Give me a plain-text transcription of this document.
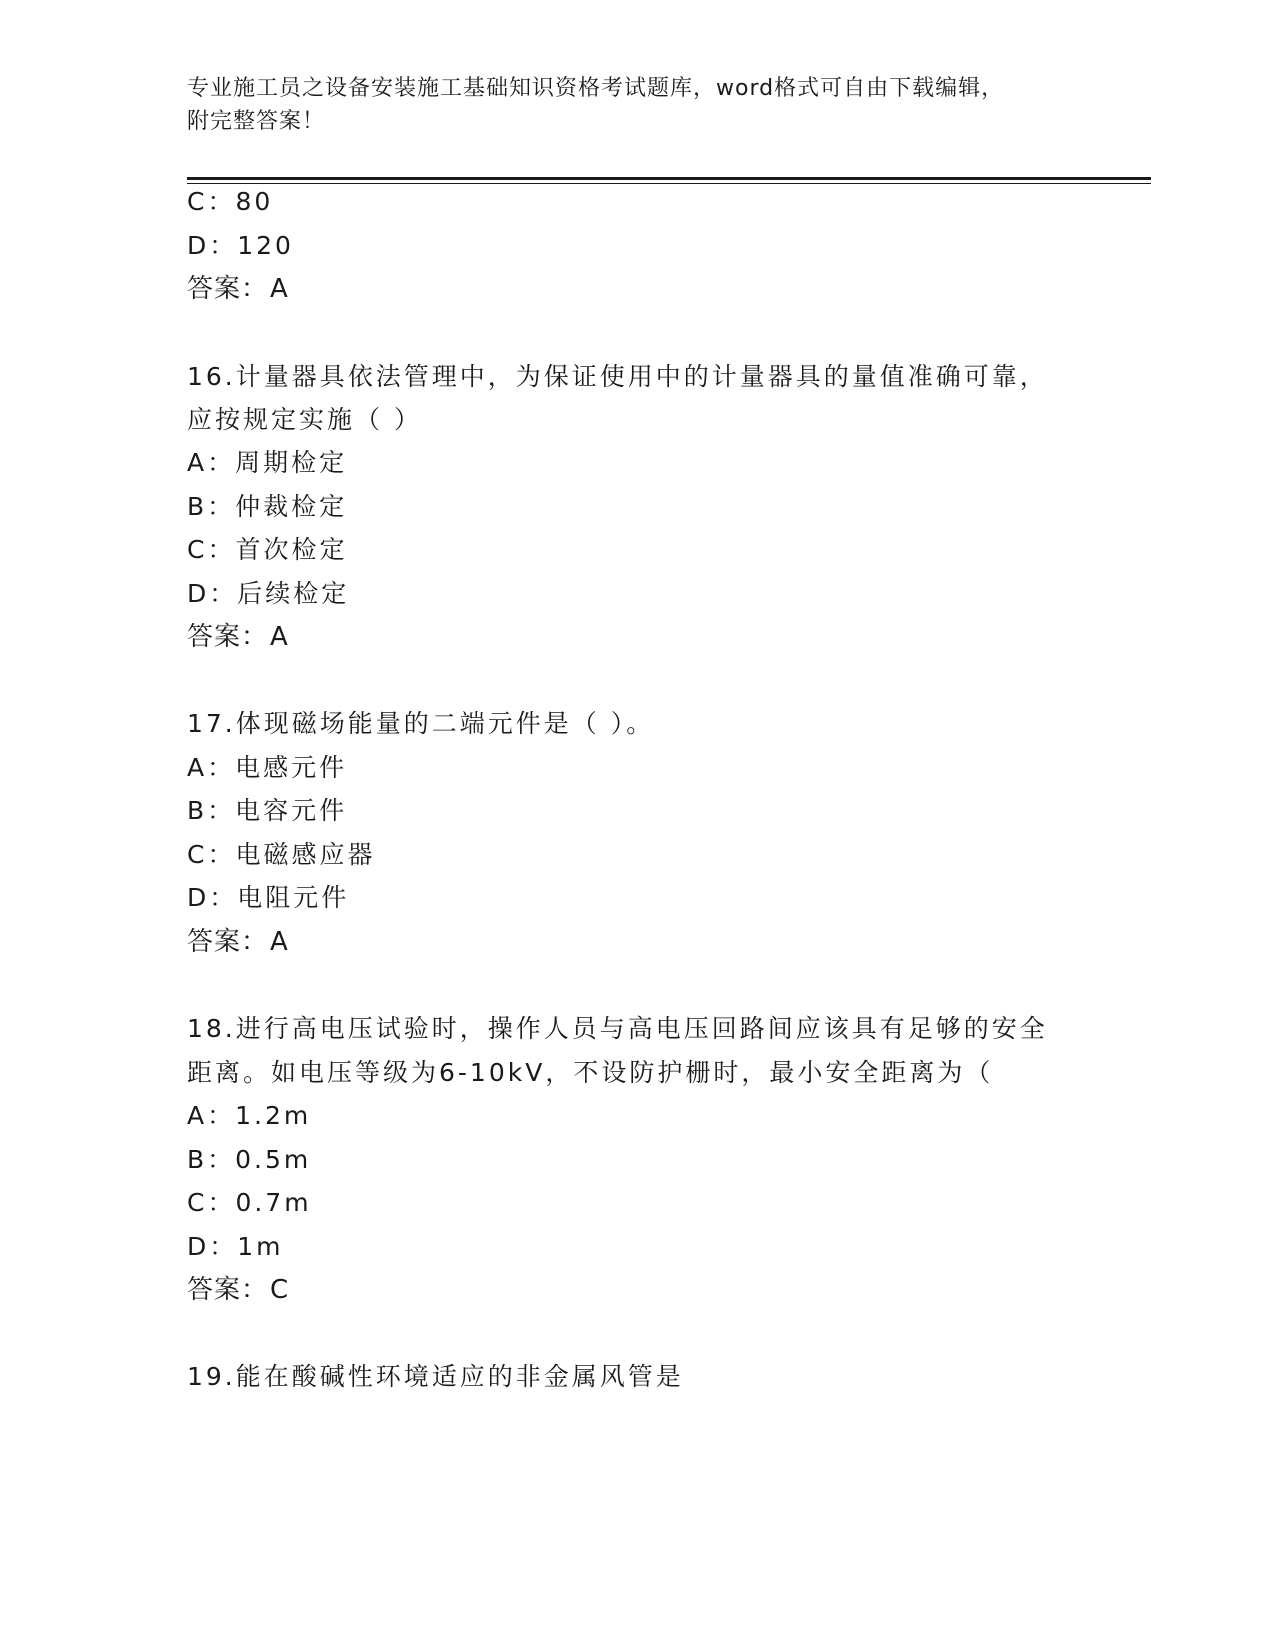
专业施工员之设备安装施工基础知识资格考试题库，word格式可自由下载编辑，
附完整答案！
C：80
D：120
答案：A
16.计量器具依法管理中，为保证使用中的计量器具的量值准确可靠，
应按规定实施（ ）
A：周期检定
B：仲裁检定
C：首次检定
D：后续检定
答案：A
17.体现磁场能量的二端元件是（ ）。
A：电感元件
B：电容元件
C：电磁感应器
D：电阻元件
答案：A
18.进行高电压试验时，操作人员与高电压回路间应该具有足够的安全
距离。如电压等级为6-10kV，不设防护栅时，最小安全距离为（
A：1.2m
B：0.5m
C：0.7m
D：1m
答案：C
19.能在酸碱性环境适应的非金属风管是
